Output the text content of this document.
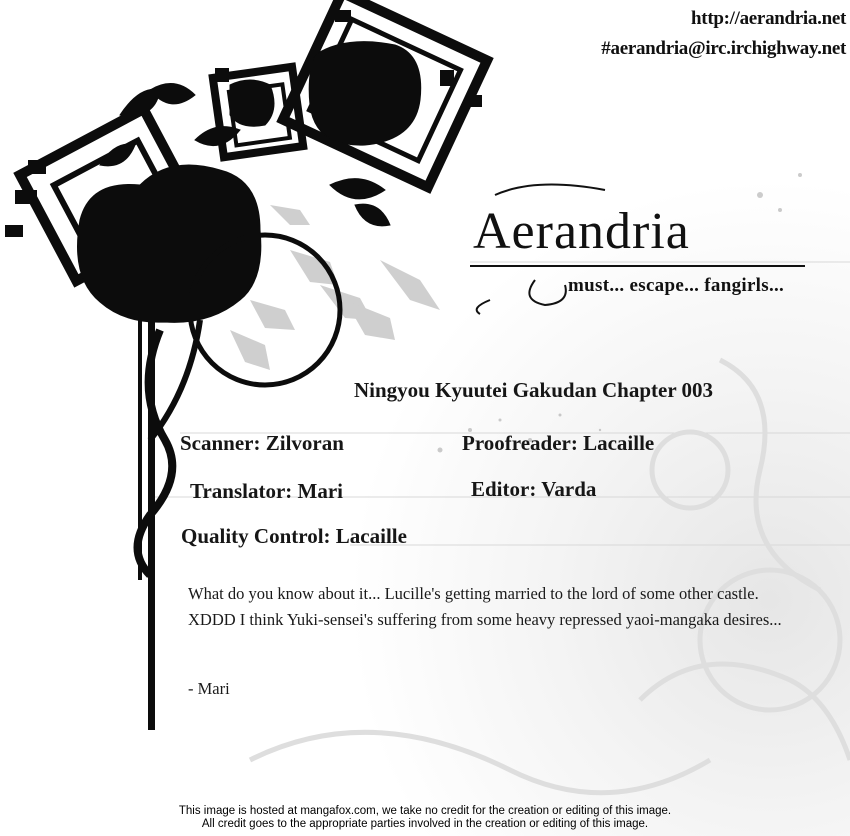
http://aerandria.net
#aerandria@irc.irchighway.net
Aerandria
must... escape... fangirls...
Ningyou Kyuutei Gakudan Chapter 003
Scanner: Zilvoran	Proofreader: Lacaille
Translator: Mari	Editor: Varda
Quality Control: Lacaille
What do you know about it... Lucille's getting married to the lord of some other castle. XDDD I think Yuki-sensei's suffering from some heavy repressed yaoi-mangaka desires...
- Mari
This image is hosted at mangafox.com, we take no credit for the creation or editing of this image.
All credit goes to the appropriate parties involved in the creation or editing of this image.
